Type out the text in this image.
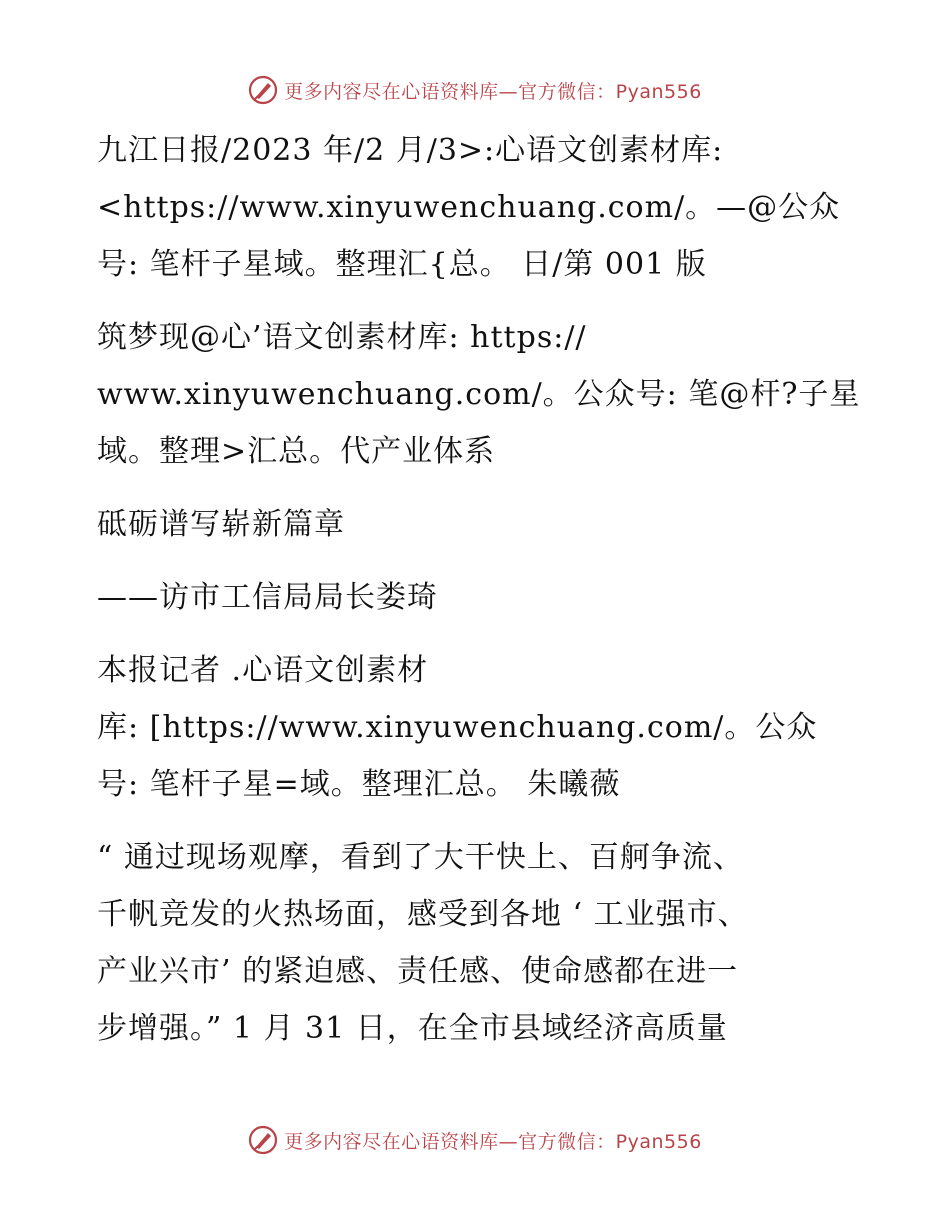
更多内容尽在心语资料库—官方微信：Pyan556
九江日报/2023 年/2 月/3>:心语文创素材库:
<https://www.xinyuwenchuang.com/。—@公众
号: 笔杆子星域。整理汇{总。 日/第 001 版
筑梦现@心’语文创素材库: https://
www.xinyuwenchuang.com/。公众号: 笔@杆?子星
域。整理>汇总。代产业体系
砥砺谱写崭新篇章
——访市工信局局长娄琦
本报记者 .心语文创素材
库: [https://www.xinyuwenchuang.com/。公众
号: 笔杆子星=域。整理汇总。 朱曦薇
“ 通过现场观摩，看到了大干快上、百舸争流、
千帆竞发的火热场面，感受到各地 ‘ 工业强市、
产业兴市’ 的紧迫感、责任感、使命感都在进一
步增强。” 1 月 31 日，在全市县域经济高质量
更多内容尽在心语资料库—官方微信：Pyan556
